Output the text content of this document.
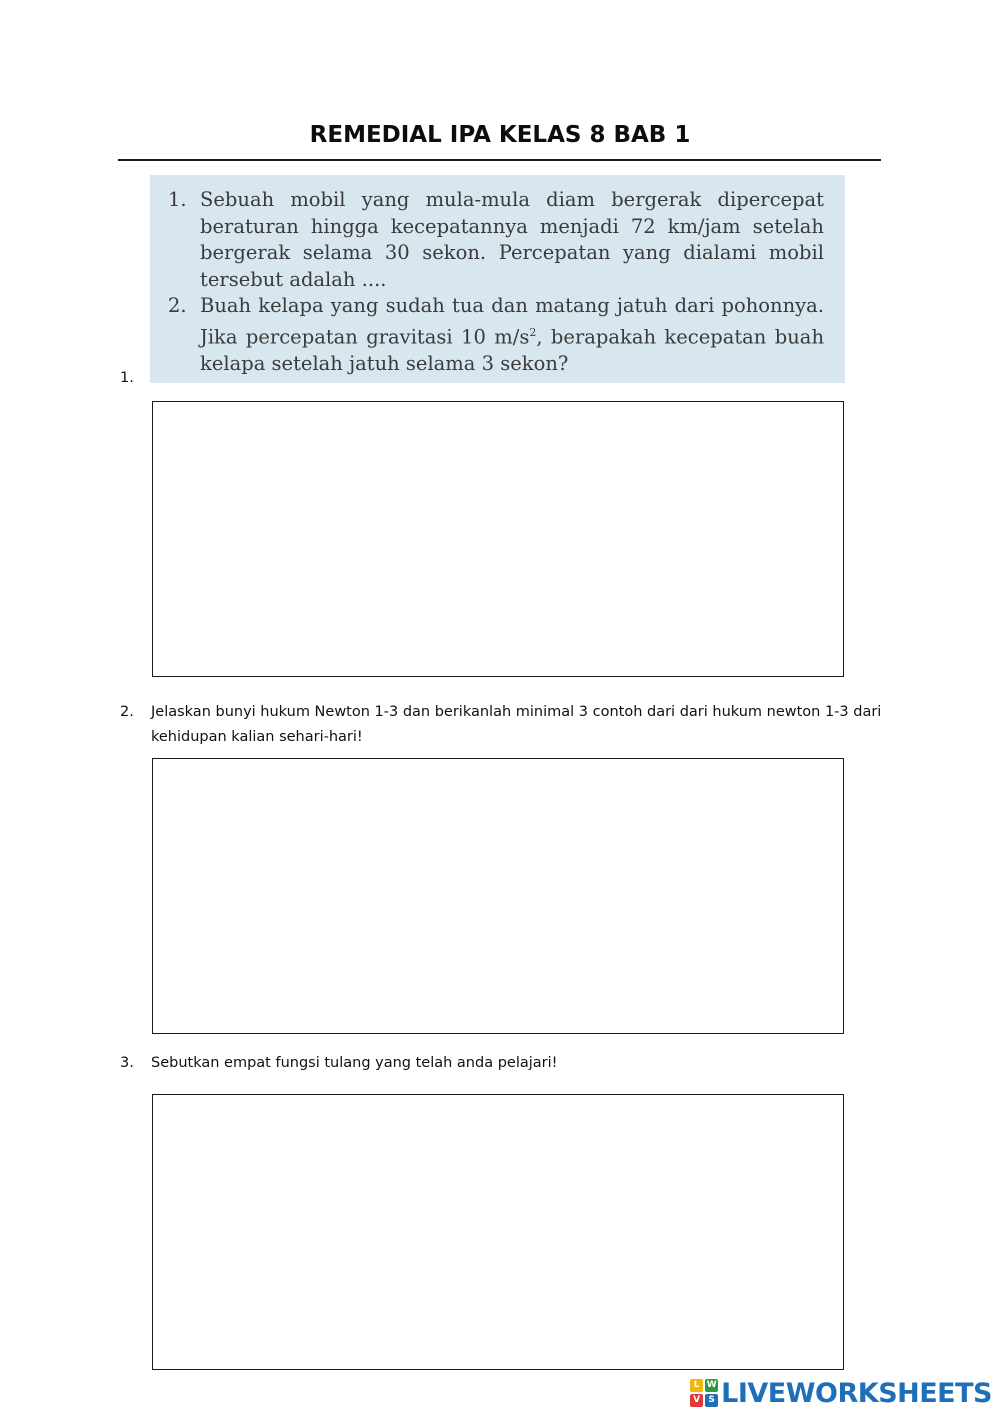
REMEDIAL IPA KELAS 8 BAB 1
1. Sebuah mobil yang mula-mula diam bergerak dipercepat beraturan hingga kecepatannya menjadi 72 km/jam setelah bergerak selama 30 sekon. Percepatan yang dialami mobil tersebut adalah ....
2. Buah kelapa yang sudah tua dan matang jatuh dari pohonnya. Jika percepatan gravitasi 10 $m/s^2$, berapakah kecepatan buah kelapa setelah jatuh selama 3 sekon?
1.
2. Jelaskan bunyi hukum Newton 1-3 dan berikanlah minimal 3 contoh dari dari hukum newton 1-3 dari kehidupan kalian sehari-hari!
3. Sebutkan empat fungsi tulang yang telah anda pelajari!
L W
V S LIVEWORKSHEETS
